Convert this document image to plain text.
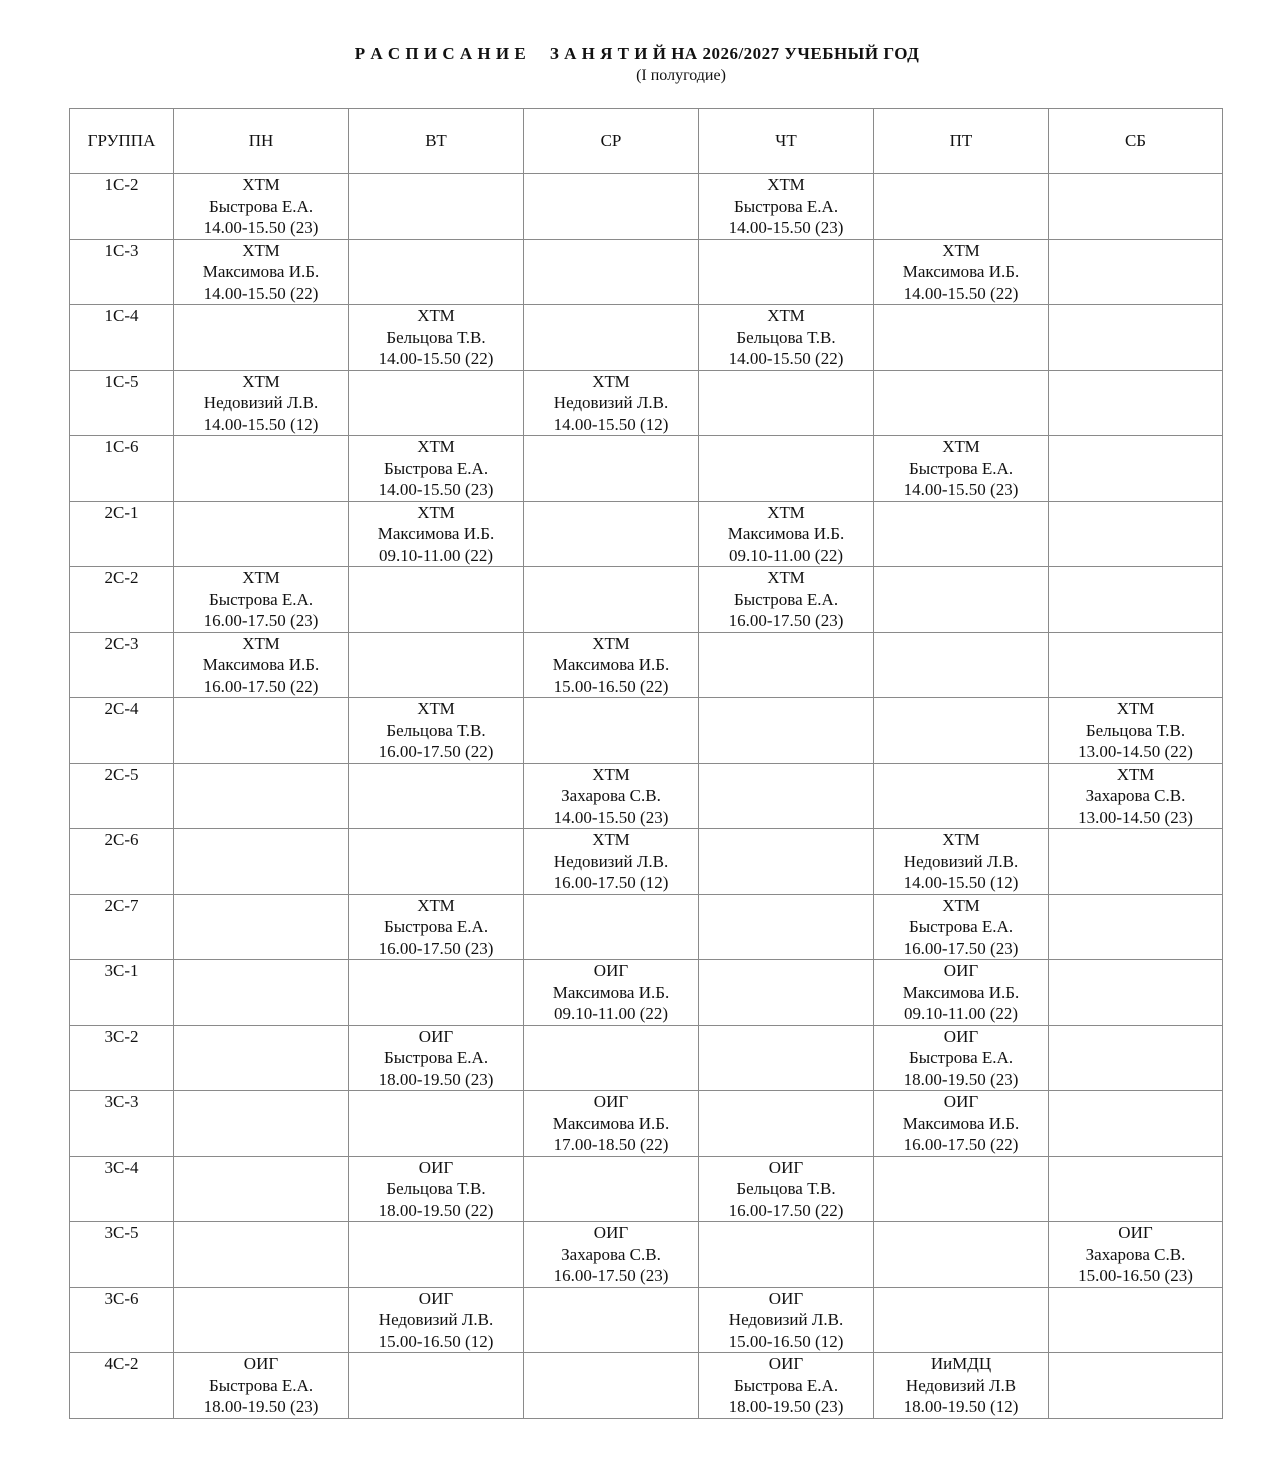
Р А С П И С А Н И Е     З А Н Я Т И Й НА 2026/2027 УЧЕБНЫЙ ГОД
(I полугодие)
ГРУППА	ПН	ВТ	СР	ЧТ	ПТ	СБ
1С-2	ХТМ
Быстрова Е.А.
14.00-15.50 (23)			ХТМ
Быстрова Е.А.
14.00-15.50 (23)		

1С-3	ХТМ
Максимова И.Б.
14.00-15.50 (22)				ХТМ
Максимова И.Б.
14.00-15.50 (22)	

1С-4		ХТМ
Бельцова Т.В.
14.00-15.50 (22)		ХТМ
Бельцова Т.В.
14.00-15.50 (22)		

1С-5	ХТМ
Недовизий Л.В.
14.00-15.50 (12)		ХТМ
Недовизий Л.В.
14.00-15.50 (12)			

1С-6		ХТМ
Быстрова Е.А.
14.00-15.50 (23)			ХТМ
Быстрова Е.А.
14.00-15.50 (23)	

2С-1		ХТМ
Максимова И.Б.
09.10-11.00 (22)		ХТМ
Максимова И.Б.
09.10-11.00 (22)		

2С-2	ХТМ
Быстрова Е.А.
16.00-17.50 (23)			ХТМ
Быстрова Е.А.
16.00-17.50 (23)		

2С-3	ХТМ
Максимова И.Б.
16.00-17.50 (22)		ХТМ
Максимова И.Б.
15.00-16.50 (22)			

2С-4		ХТМ
Бельцова Т.В.
16.00-17.50 (22)				ХТМ
Бельцова Т.В.
13.00-14.50 (22)

2С-5			ХТМ
Захарова С.В.
14.00-15.50 (23)			ХТМ
Захарова С.В.
13.00-14.50 (23)

2С-6			ХТМ
Недовизий Л.В.
16.00-17.50 (12)		ХТМ
Недовизий Л.В.
14.00-15.50 (12)	

2С-7		ХТМ
Быстрова Е.А.
16.00-17.50 (23)			ХТМ
Быстрова Е.А.
16.00-17.50 (23)	

3С-1			ОИГ
Максимова И.Б.
09.10-11.00 (22)		ОИГ
Максимова И.Б.
09.10-11.00 (22)	

3С-2		ОИГ
Быстрова Е.А.
18.00-19.50 (23)			ОИГ
Быстрова Е.А.
18.00-19.50 (23)	

3С-3			ОИГ
Максимова И.Б.
17.00-18.50 (22)		ОИГ
Максимова И.Б.
16.00-17.50 (22)	

3С-4		ОИГ
Бельцова Т.В.
18.00-19.50 (22)		ОИГ
Бельцова Т.В.
16.00-17.50 (22)		

3С-5			ОИГ
Захарова С.В.
16.00-17.50 (23)			ОИГ
Захарова С.В.
15.00-16.50 (23)

3С-6		ОИГ
Недовизий Л.В.
15.00-16.50 (12)		ОИГ
Недовизий Л.В.
15.00-16.50 (12)		

4С-2	ОИГ
Быстрова Е.А.
18.00-19.50 (23)			ОИГ
Быстрова Е.А.
18.00-19.50 (23)	ИиМДЦ
Недовизий Л.В
18.00-19.50 (12)	
